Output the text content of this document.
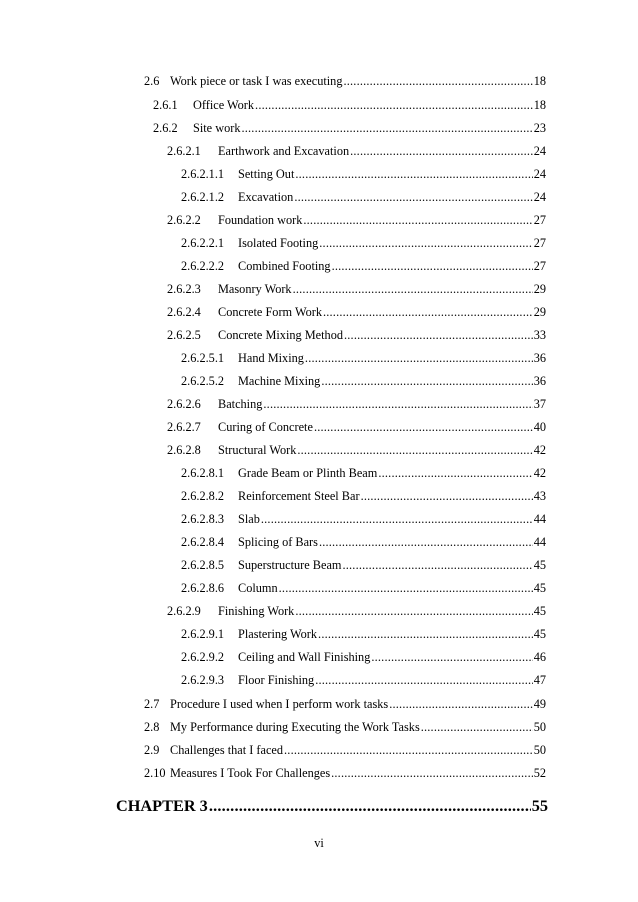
2.6 Work piece or task I was executing .....	18
2.6.1	Office Work .....	18
2.6.2	Site work .....	23
2.6.2.1	Earthwork and Excavation .....	24
2.6.2.1.1	Setting Out .....	24
2.6.2.1.2	Excavation .....	24
2.6.2.2	Foundation work .....	27
2.6.2.2.1	Isolated Footing .....	27
2.6.2.2.2	Combined Footing .....	27
2.6.2.3	Masonry Work .....	29
2.6.2.4	Concrete Form Work .....	29
2.6.2.5	Concrete Mixing Method .....	33
2.6.2.5.1	Hand Mixing .....	36
2.6.2.5.2	Machine Mixing .....	36
2.6.2.6	Batching .....	37
2.6.2.7	Curing of Concrete .....	40
2.6.2.8	Structural Work .....	42
2.6.2.8.1	Grade Beam or Plinth Beam .....	42
2.6.2.8.2	Reinforcement Steel Bar .....	43
2.6.2.8.3	Slab .....	44
2.6.2.8.4	Splicing of Bars .....	44
2.6.2.8.5	Superstructure Beam .....	45
2.6.2.8.6	Column .....	45
2.6.2.9	Finishing Work .....	45
2.6.2.9.1	Plastering Work .....	45
2.6.2.9.2	Ceiling and Wall Finishing .....	46
2.6.2.9.3	Floor Finishing .....	47
2.7 Procedure I used when I perform work tasks .....	49
2.8 My Performance during Executing the Work Tasks .....	50
2.9 Challenges that I faced .....	50
2.10 Measures I Took For Challenges .....	52
CHAPTER 3 .....	55
vi
